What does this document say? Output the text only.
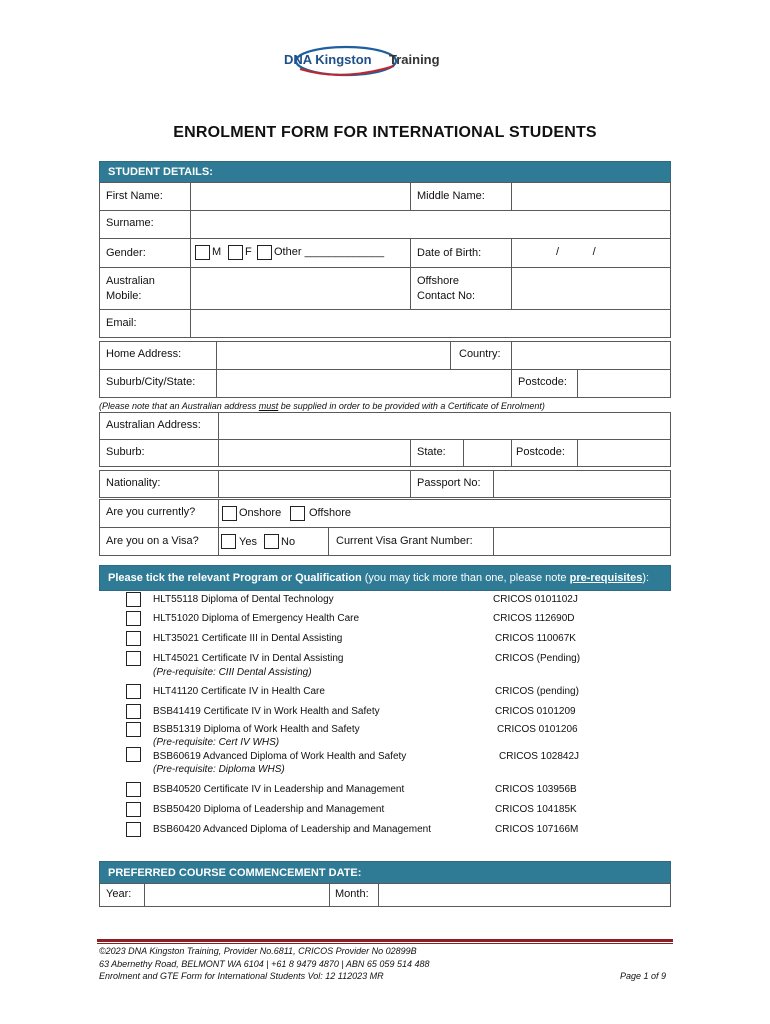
DNA Kingston Training
ENROLMENT FORM FOR INTERNATIONAL STUDENTS
STUDENT DETAILS:
First Name:	Middle Name:
Surname:
Gender:	M F Other _____________	Date of Birth:	/           /
Australian
Mobile:
Offshore
Contact No:
Email:
Home Address:	Country:
Suburb/City/State:	Postcode:
(Please note that an Australian address must be supplied in order to be provided with a Certificate of Enrolment)
Australian Address:
Suburb:	State:	Postcode:
Nationality:	Passport No:
Are you currently?	Onshore	Offshore
Are you on a Visa?	Yes No	Current Visa Grant Number:
Please tick the relevant Program or Qualification (you may tick more than one, please note pre-requisites ):
HLT55118 Diploma of Dental Technology	CRICOS 0101102J
HLT51020 Diploma of Emergency Health Care	CRICOS 112690D
HLT35021 Certificate III in Dental Assisting	CRICOS 110067K
HLT45021 Certificate IV in Dental Assisting	CRICOS (Pending)
(Pre-requisite: CIII Dental Assisting)
HLT41120 Certificate IV in Health Care	CRICOS (pending)
BSB41419 Certificate IV in Work Health and Safety	CRICOS 0101209
BSB51319 Diploma of Work Health and Safety	CRICOS 0101206
(Pre-requisite: Cert IV WHS)
BSB60619 Advanced Diploma of Work Health and Safety	CRICOS 102842J
(Pre-requisite: Diploma WHS)
BSB40520 Certificate IV in Leadership and Management	CRICOS 103956B
BSB50420 Diploma of Leadership and Management	CRICOS 104185K
BSB60420 Advanced Diploma of Leadership and Management	CRICOS 107166M
PREFERRED COURSE COMMENCEMENT DATE:
Year:	Month:
©2023 DNA Kingston Training, Provider No.6811, CRICOS Provider No 02899B
63 Abernethy Road, BELMONT WA 6104 | +61 8 9479 4870 | ABN 65 059 514 488
Enrolment and GTE Form for International Students Vol: 12 112023 MR	Page 1 of 9
